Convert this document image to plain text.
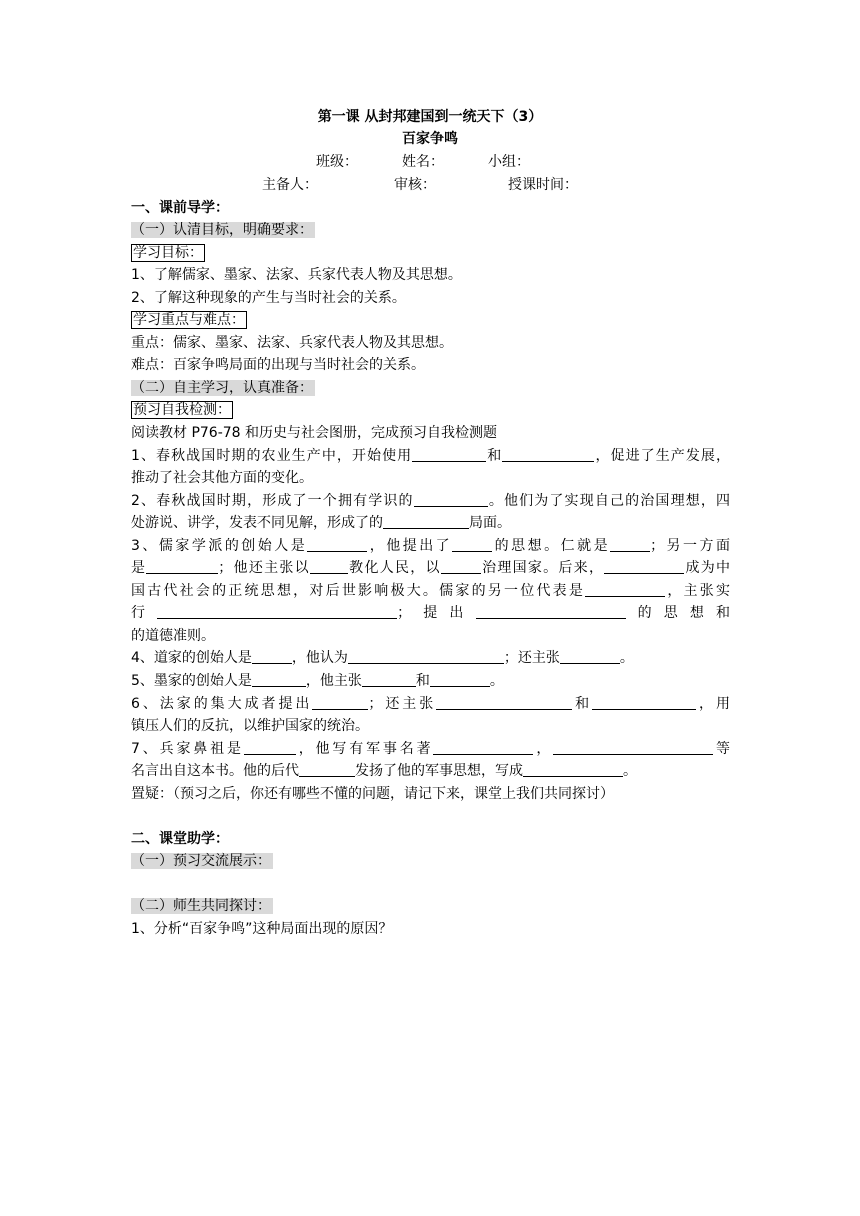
第一课 从封邦建国到一统天下（3）
百家争鸣
班级：	姓名：	小组：
主备人：	审核：	授课时间：
一、课前导学：
（一）认清目标，明确要求：
学习目标：
1、了解儒家、墨家、法家、兵家代表人物及其思想。
2、了解这种现象的产生与当时社会的关系。
学习重点与难点：
重点：儒家、墨家、法家、兵家代表人物及其思想。
难点：百家争鸣局面的出现与当时社会的关系。
（二）自主学习，认真准备：
预习自我检测：
阅读教材 P76-78 和历史与社会图册，完成预习自我检测题
1、春秋战国时期的农业生产中，开始使用	和	，促进了生产发展，
推动了社会其他方面的变化。
2、春秋战国时期，形成了一个拥有学识的	。他们为了实现自己的治国理想，四
处游说、讲学，发表不同见解，形成了的	局面。
3、儒家学派的创始人是	，他提出了	的思想。仁就是	；另一方面
是	；他还主张以	教化人民，以	治理国家。后来，	成为中
国古代社会的正统思想，对后世影响极大。儒家的另一位代表是	，主张实
行	；提出	的思想和
的道德准则。
4、道家的创始人是	，他认为	；还主张	。
5、墨家的创始人是	，他主张	和	。
6、法家的集大成者提出	；还主张	和	，用
镇压人们的反抗，以维护国家的统治。
7、兵家鼻祖是	，他写有军事名著	，	等
名言出自这本书。他的后代	发扬了他的军事思想，写成	。
置疑：（预习之后，你还有哪些不懂的问题，请记下来，课堂上我们共同探讨）
二、课堂助学：
（一）预习交流展示：
（二）师生共同探讨：
1、分析“百家争鸣”这种局面出现的原因？
